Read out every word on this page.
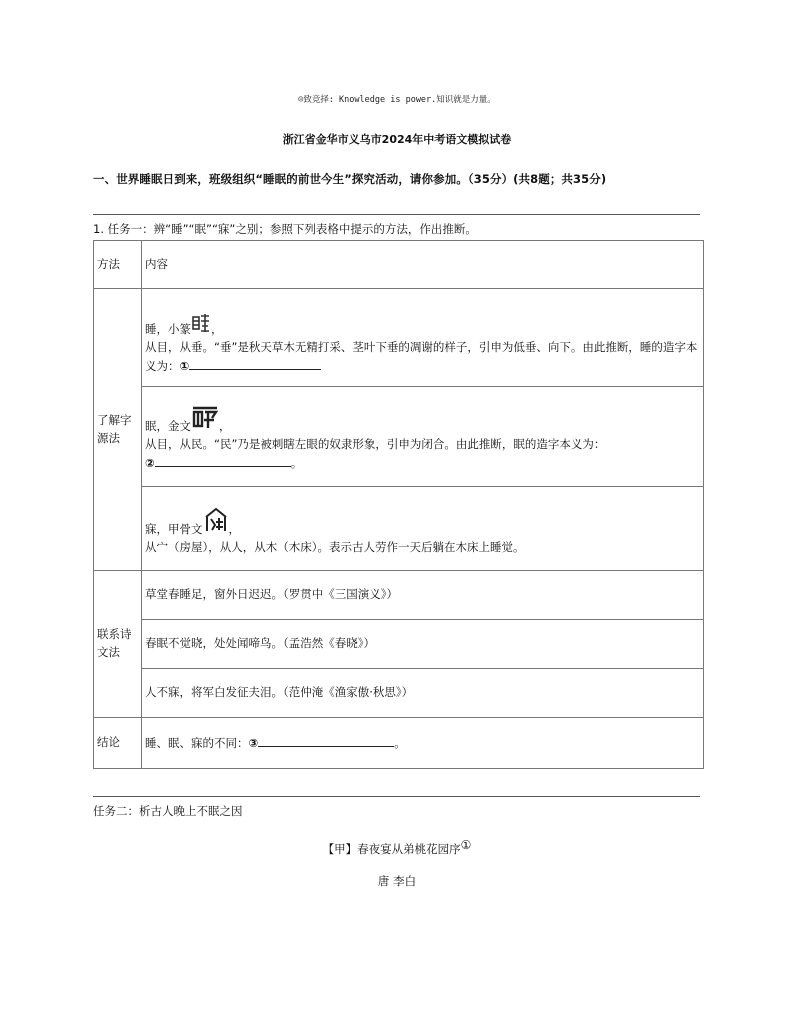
☺致竞择: Knowledge is power.知识就是力量。
浙江省金华市义乌市2024年中考语文模拟试卷
一、世界睡眠日到来，班级组织“睡眠的前世今生”探究活动，请你参加。（35分）(共8题；共35分)
1. 任务一：辨“睡”“眠”“寐”之别；参照下列表格中提示的方法，作出推断。
方法	内容
了解字源法	睡，小篆 ，
从目，从垂。“垂”是秋天草木无精打采、茎叶下垂的凋谢的样子，引申为低垂、向下。由此推断，睡的造字本义为：①

	眠，金文 ，
从目，从民。“民”乃是被刺瞎左眼的奴隶形象，引申为闭合。由此推断，眠的造字本义为：
② 。

	寐，甲骨文 ，
从宀（房屋），从人，从木（木床）。表示古人劳作一天后躺在木床上睡觉。

联系诗文法	草堂春睡足，窗外日迟迟。（罗贯中《三国演义》）
	春眠不觉晓，处处闻啼鸟。（孟浩然《春晓》）
	人不寐，将军白发征夫泪。（范仲淹《渔家傲·秋思》）
结论	睡、眠、寐的不同：③ 。
任务二：析古人晚上不眠之因
【甲】春夜宴从弟桃花园序①
唐 李白
